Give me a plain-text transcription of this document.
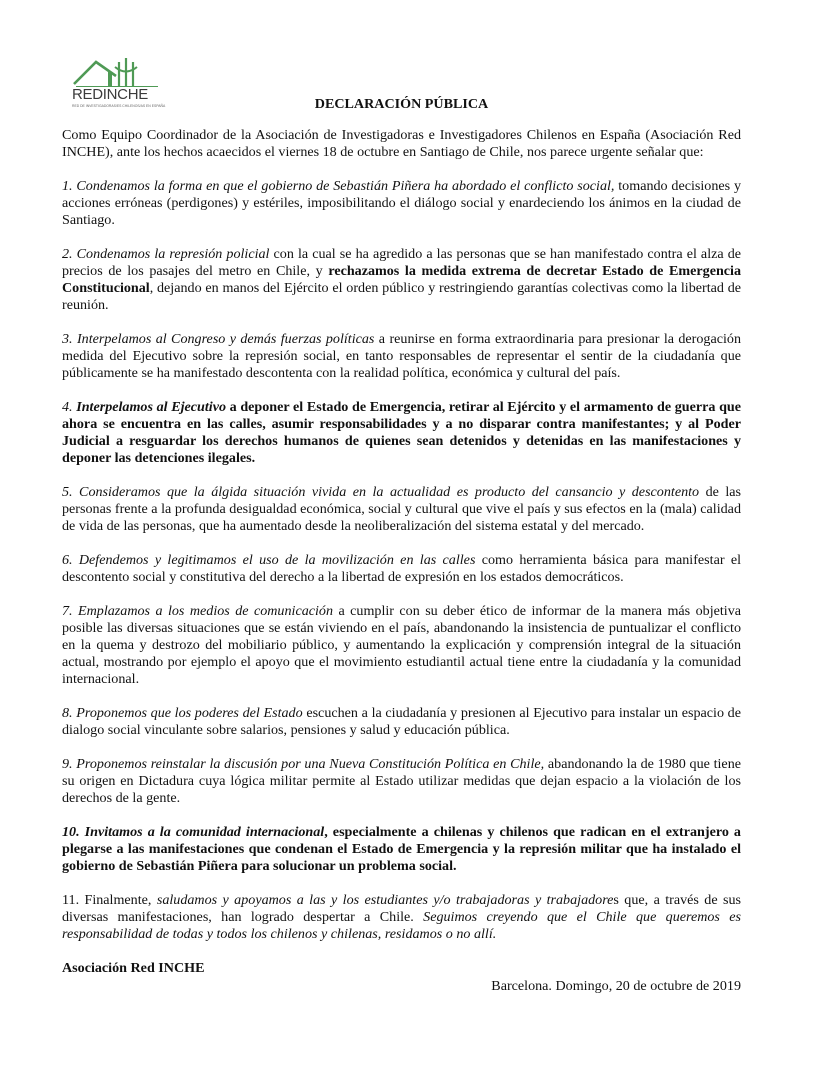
REDINCHE
RED DE INVESTIGADORAS/ES CHILENOS/AS EN ESPAÑA	DECLARACIÓN PÚBLICA

Como Equipo Coordinador de la Asociación de Investigadoras e Investigadores Chilenos en España (Asociación Red INCHE), ante los hechos acaecidos el viernes 18 de octubre en Santiago de Chile, nos parece urgente señalar que:

1. Condenamos la forma en que el gobierno de Sebastián Piñera ha abordado el conflicto social, tomando decisiones y acciones erróneas (perdigones) y estériles, imposibilitando el diálogo social y enardeciendo los ánimos en la ciudad de Santiago.

2. Condenamos la represión policial con la cual se ha agredido a las personas que se han manifestado contra el alza de precios de los pasajes del metro en Chile, y rechazamos la medida extrema de decretar Estado de Emergencia Constitucional, dejando en manos del Ejército el orden público y restringiendo garantías colectivas como la libertad de reunión.

3. Interpelamos al Congreso y demás fuerzas políticas a reunirse en forma extraordinaria para presionar la derogación medida del Ejecutivo sobre la represión social, en tanto responsables de representar el sentir de la ciudadanía que públicamente se ha manifestado descontenta con la realidad política, económica y cultural del país.

4. Interpelamos al Ejecutivo a deponer el Estado de Emergencia, retirar al Ejército y el armamento de guerra que ahora se encuentra en las calles, asumir responsabilidades y a no disparar contra manifestantes; y al Poder Judicial a resguardar los derechos humanos de quienes sean detenidos y detenidas en las manifestaciones y deponer las detenciones ilegales.

5. Consideramos que la álgida situación vivida en la actualidad es producto del cansancio y descontento de las personas frente a la profunda desigualdad económica, social y cultural que vive el país y sus efectos en la (mala) calidad de vida de las personas, que ha aumentado desde la neoliberalización del sistema estatal y del mercado.

6. Defendemos y legitimamos el uso de la movilización en las calles como herramienta básica para manifestar el descontento social y constitutiva del derecho a la libertad de expresión en los estados democráticos.

7. Emplazamos a los medios de comunicación a cumplir con su deber ético de informar de la manera más objetiva posible las diversas situaciones que se están viviendo en el país, abandonando la insistencia de puntualizar el conflicto en la quema y destrozo del mobiliario público, y aumentando la explicación y comprensión integral de la situación actual, mostrando por ejemplo el apoyo que el movimiento estudiantil actual tiene entre la ciudadanía y la comunidad internacional.

8. Proponemos que los poderes del Estado escuchen a la ciudadanía y presionen al Ejecutivo para instalar un espacio de dialogo social vinculante sobre salarios, pensiones y salud y educación pública.

9. Proponemos reinstalar la discusión por una Nueva Constitución Política en Chile, abandonando la de 1980 que tiene su origen en Dictadura cuya lógica militar permite al Estado utilizar medidas que dejan espacio a la violación de los derechos de la gente.

10. Invitamos a la comunidad internacional, especialmente a chilenas y chilenos que radican en el extranjero a plegarse a las manifestaciones que condenan el Estado de Emergencia y la represión militar que ha instalado el gobierno de Sebastián Piñera para solucionar un problema social.

11. Finalmente, saludamos y apoyamos a las y los estudiantes y/o trabajadoras y trabajadores que, a través de sus diversas manifestaciones, han logrado despertar a Chile. Seguimos creyendo que el Chile que queremos es responsabilidad de todas y todos los chilenos y chilenas, residamos o no allí.

Asociación Red INCHE
Barcelona. Domingo, 20 de octubre de 2019
